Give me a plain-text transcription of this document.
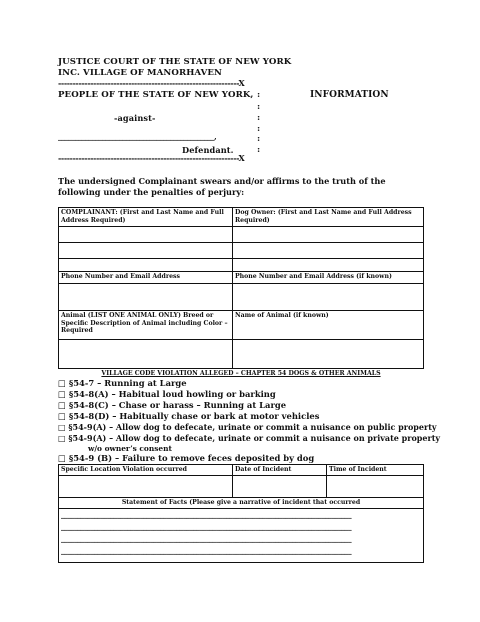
JUSTICE COURT OF THE STATE OF NEW YORK
INC. VILLAGE OF MANORHAVEN
--------------------------------------------------------------X
PEOPLE OF THE STATE OF NEW YORK, :	INFORMATION
:
-against-	:
:
______________________________________________,	:
Defendant.	:
--------------------------------------------------------------X
The undersigned Complainant swears and/or affirms to the truth of the following under the penalties of perjury:
COMPLAINANT: (First and Last Name and Full Address Required)	Dog Owner: (First and Last Name and Full Address Required)

Phone Number and Email Address	Phone Number and Email Address (if known)

Animal (LIST ONE ANIMAL ONLY) Breed or Specific Description of Animal including Color – Required	Name of Animal (if known)

VILLAGE CODE VIOLATION ALLEGED – CHAPTER 54 DOGS & OTHER ANIMALS
□ §54-7 – Running at Large
□ §54-8(A) – Habitual loud howling or barking
□ §54-8(C) – Chase or harass – Running at Large
□ §54-8(D) – Habitually chase or bark at motor vehicles
□ §54-9(A) – Allow dog to defecate, urinate or commit a nuisance on public property
□ §54-9(A) – Allow dog to defecate, urinate or commit a nuisance on private property
w/o owner’s consent
□ §54-9 (B) – Failure to remove feces deposited by dog
Specific Location Violation occurred	Date of Incident	Time of Incident

Statement of Facts (Please give a narrative of incident that occurred		

________________________________________________________________________________________
________________________________________________________________________________________
________________________________________________________________________________________
________________________________________________________________________________________		
